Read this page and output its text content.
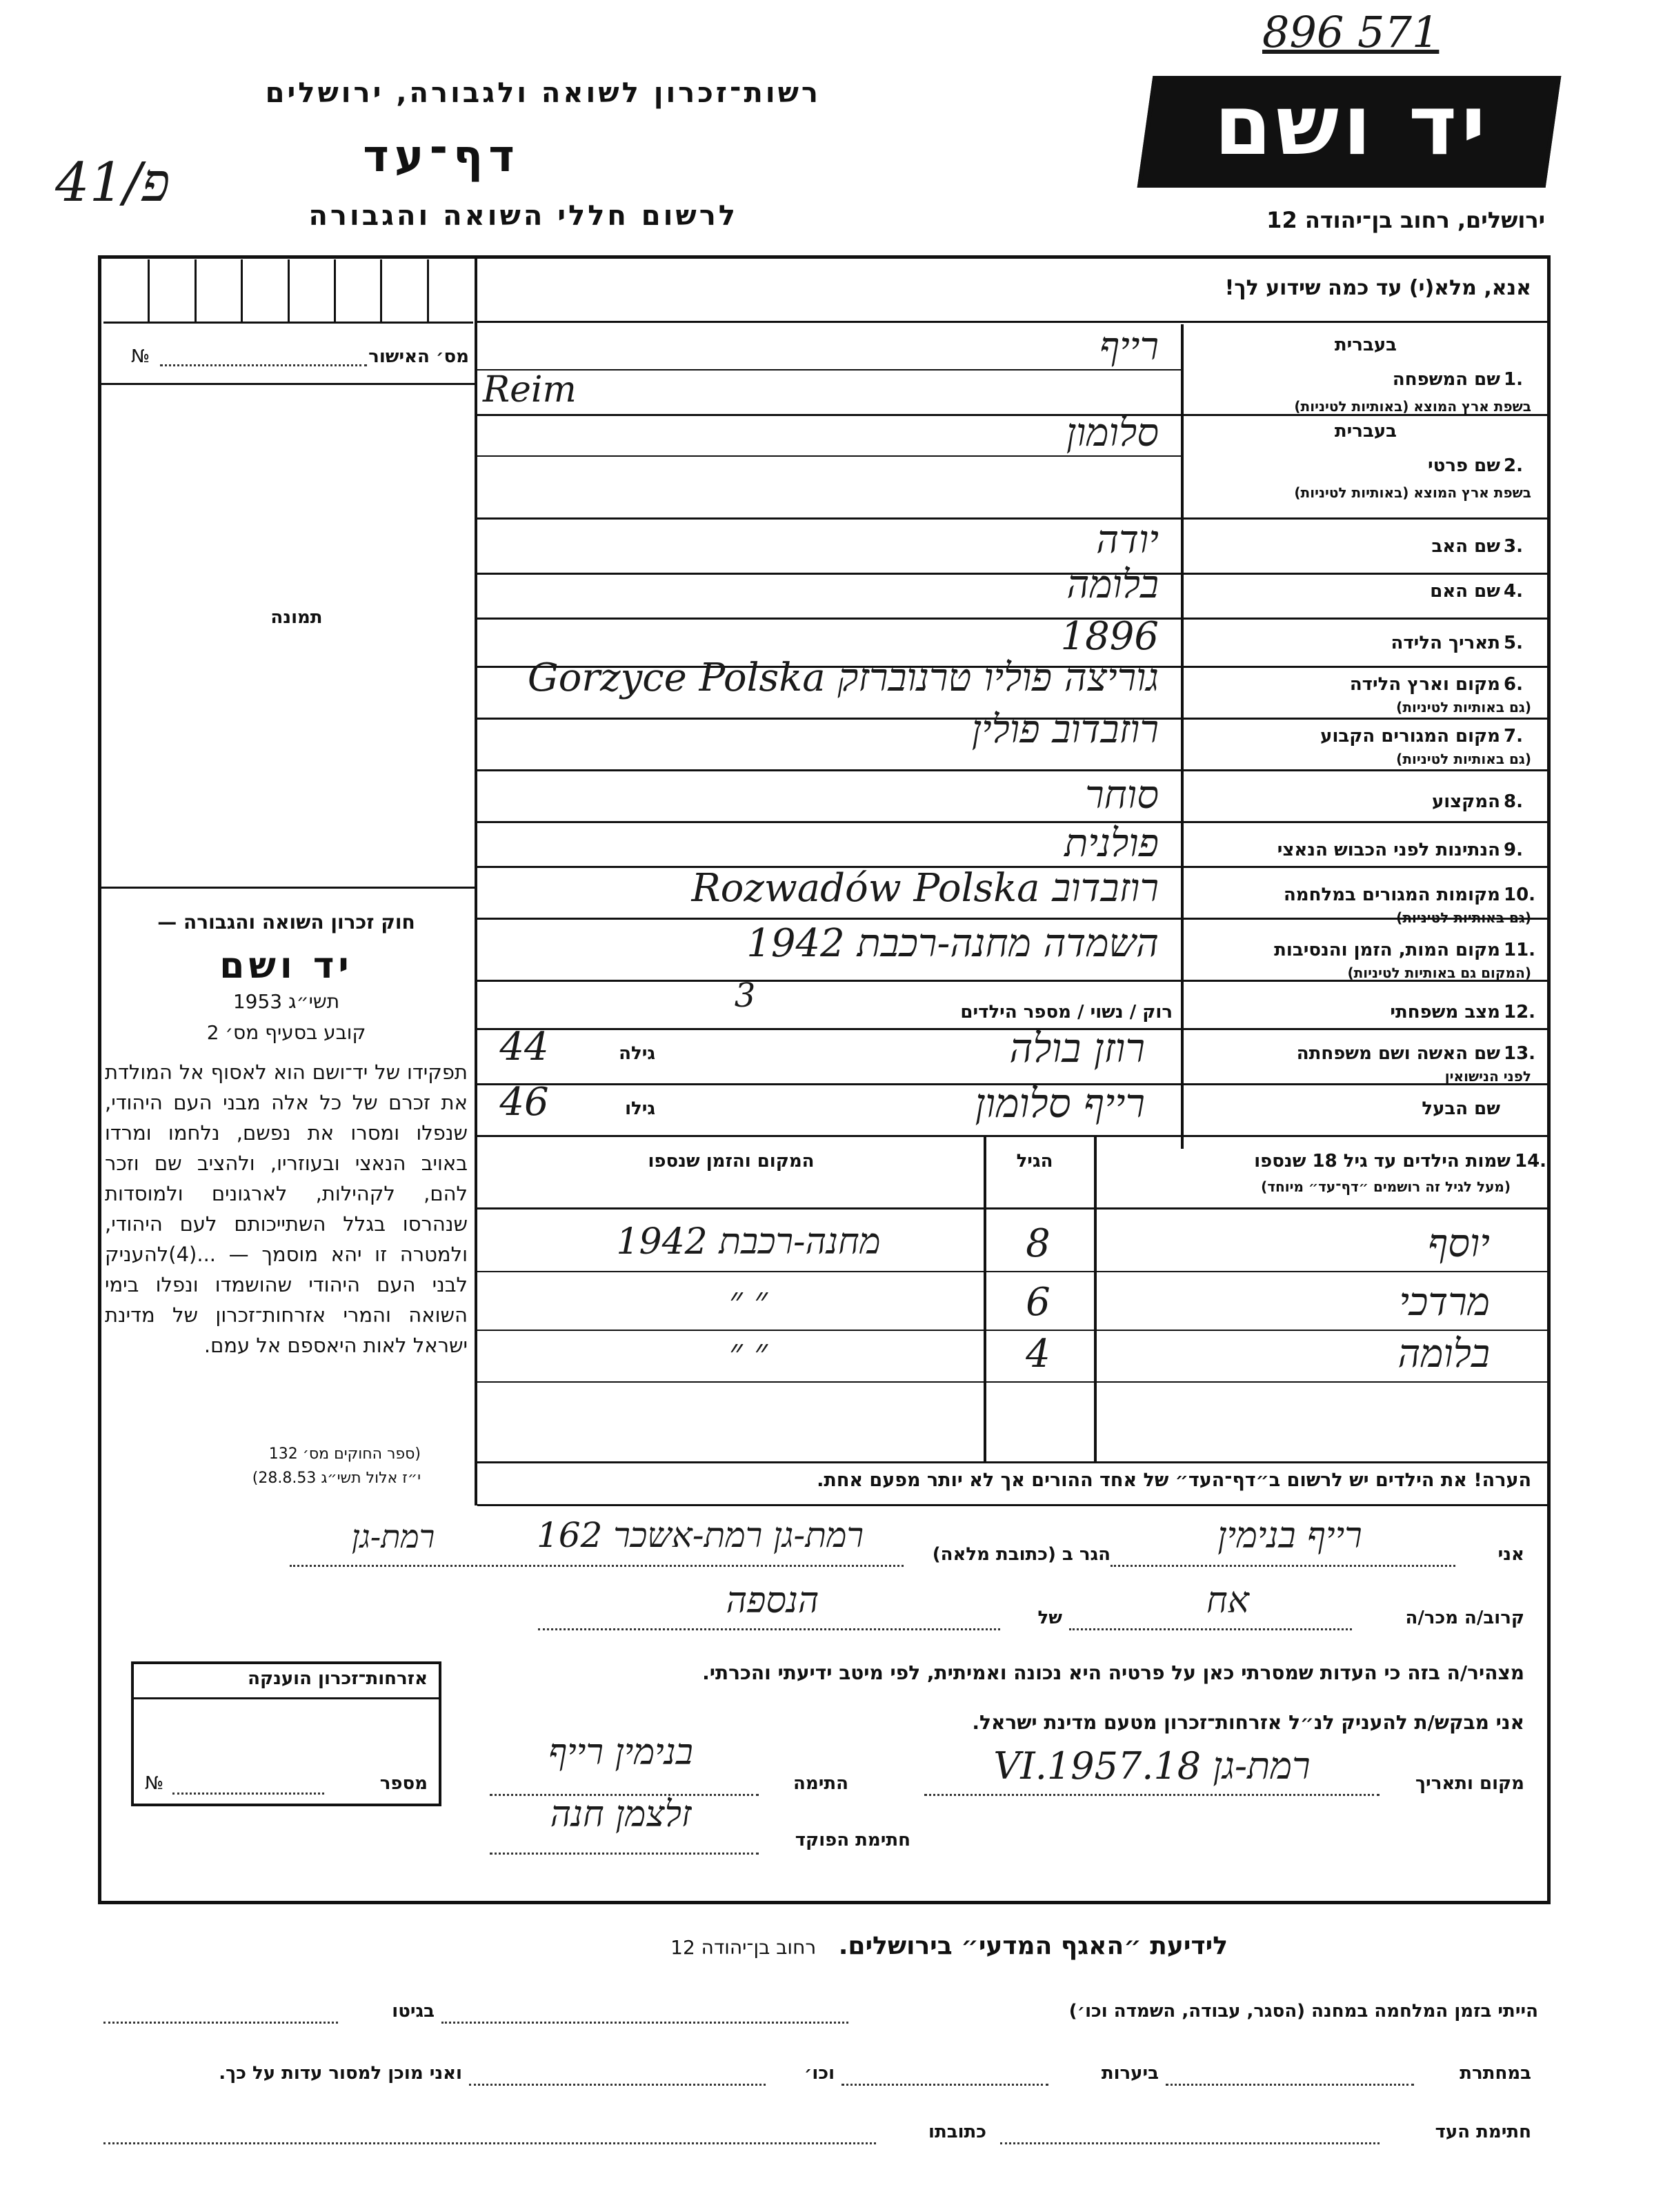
896 571
רשות־זכרון לשואה ולגבורה, ירושלים
41/פ	דף־עד
לרשום חללי השואה והגבורה
יד ושם
ירושלים, רחוב בן־יהודה 12
אנא, מלא(י) עד כמה שידוע לך!
מס׳ האישור
№
תמונה
חוק זכרון השואה והגבורה —
יד ושם
תשי״ג 1953
קובע בסעיף מס׳ 2
תפקידו של יד־ושם הוא לאסוף אל המולדת את זכרם של כל אלה מבני העם היהודי, שנפלו ומסרו את נפשם, נלחמו ומרדו באויב הנאצי ובעוזריו, ולהציב שם וזכר להם, לקהילות, לארגונים ולמוסדות שנהרסו בגלל השתייכותם לעם היהודי, ולמטרה זו יהא מוסמך — ...(4)להעניק לבני העם היהודי שהושמדו ונפלו בימי השואה והמרי אזרחות־זכרון של מדינת ישראל לאות היאספם אל עמם.
(ספר החוקים מס׳ 132
י״ז אלול תשי״ג 28.8.53)
1.
שם המשפחה
בעברית
בשפת ארץ המוצא (באותיות לטיניות)
רייף
Reim
2.
שם פרטי
בעברית
בשפת ארץ המוצא (באותיות לטיניות)
סלומון
3.
שם האב
יודה
4.
שם האם
בלומה
5.
תאריך הלידה
1896
6.
מקום וארץ הלידה
(גם באותיות לטיניות)
גוריצה פוליו טרנוברזק Gorzyce Polska
7.
מקום המגורים הקבוע
(גם באותיות לטיניות)
רוזבדוב פולין
8.
המקצוע
סוחר
9.
הנתינות לפני הכבוש הנאצי
פולנית
10.
מקומות המגורים במלחמה
(גם באותיות לטיניות)
רוזבדוב Rozwadów Polska
11.
מקום המות, הזמן והנסיבות
(המקום גם באותיות לטיניות)
השמדה מחנה-רכבת 1942
12.
מצב משפחתי
רוק / נשוי / מספר הילדים
3
13.
שם האשה ושם משפחתה
לפני הנישואין
רוזן בולה
גילה
44
שם הבעל
רייף סלומון
גילו
46
14.
שמות הילדים עד גיל 18 שנספו
(מעל לגיל זה רושמים ״דף־עד״ מיוחד)
הגיל
המקום והזמן שנספו
יוסף
8
מחנה-רכבת 1942
מרדכי
6
״ ״
בלומה
4
״ ״
הערה! את הילדים יש לרשום ב״דף־העד״ של אחד ההורים אך לא יותר מפעם אחת.
אני
רייף בנימין
הגר ב (כתובת מלאה)
רמת-גן רמת-אשכר 162
רמת-גן
קרוב/ה מכר/ה
אח
של
הנספה
מצהיר/ה בזה כי העדות שמסרתי כאן על פרטיה היא נכונה ואמיתית, לפי מיטב ידיעתי והכרתי.
אני מבקש/ת להעניק לנ״ל אזרחות־זכרון מטעם מדינת ישראל.
מקום ותאריך
רמת-גן 18.VI.1957
התימה
בנימין רייף
חתימת הפוקד
זלצמן חנה
אזרחות־זכרון הוענקה
מספר
№
לידיעת ״האגף המדעי״ בירושלים. רחוב בן־יהודה 12
הייתי בזמן המלחמה במחנה (הסגר, עבודה, השמדה וכו׳)
בגיטו
במחתרת
ביערות
וכו׳
ואני מוכן למסור עדות על כך.
חתימת העד
כתובתו
